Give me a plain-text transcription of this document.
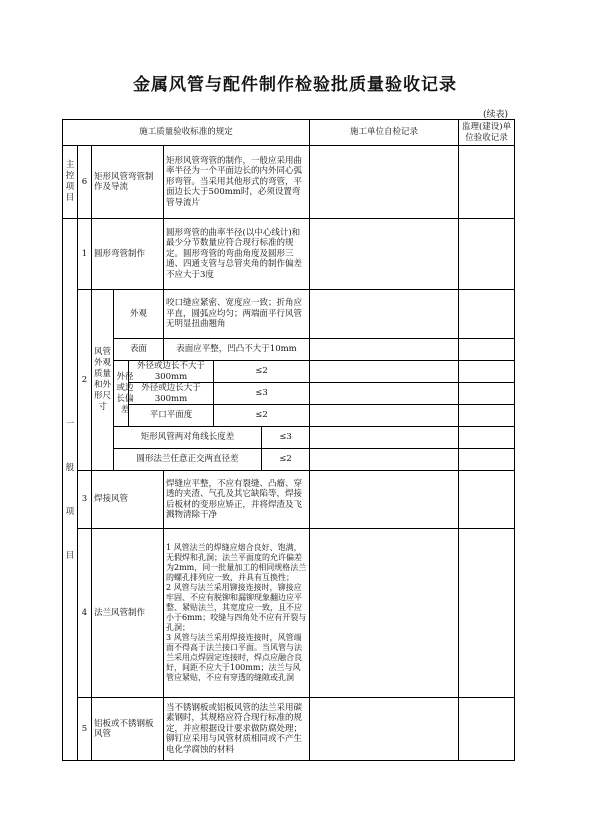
金属风管与配件制作检验批质量验收记录
(续表)
施工质量验收标准的规定								施工单位自检记录	监理(建设)单位验收记录
主控项目	6	矩形风管弯管制作及导流			矩形风管弯管的制作，一般应采用曲率半径为一个平面边长的内外同心弧形弯管。当采用其他形式的弯管，平面边长大于500mm时，必须设置弯管导流片				
一般项目	1	圆形弯管制作			圆形弯管的曲率半径(以中心线计)和最少分节数量应符合现行标准的规定。圆形弯管的弯曲角度及圆形三通、四通支管与总管夹角的制作偏差不应大于3度				
	2	风管外观质量和外形尺寸	外观		咬口缝应紧密、宽度应一致；折角应平直，圆弧应均匀；两端面平行风管无明显扭曲翘角				
			表面		表面应平整，凹凸不大于10mm			

			外径或边长偏差	外径或边长不大于300mm		≤2		

				外径或边长大于300mm		≤3		

				平口平面度		≤2		

			矩形风管两对角线长度差				≤3	

			圆形法兰任意正交两直径差				≤2	

	3	焊接风管			焊缝应平整，不应有裂缝、凸瘤、穿透的夹渣、气孔及其它缺陷等，焊接后板材的变形应矫正，并将焊渣及飞溅物清除干净				
	4	法兰风管制作			1 风管法兰的焊缝应熔合良好、饱满，无假焊和孔洞；法兰平面度的允许偏差为2mm，同一批量加工的相同规格法兰的螺孔排列应一致，并具有互换性；
2 风管与法兰采用铆接连接时，铆接应牢固、不应有脱铆和漏铆现象翻边应平整、紧贴法兰，其宽度应一致，且不应小于6mm；咬缝与四角处不应有开裂与孔洞；
3 风管与法兰采用焊接连接时，风管端面不得高于法兰接口平面。当风管与法兰采用点焊固定连接时，焊点应融合良好，间距不应大于100mm；法兰与风管应紧贴，不应有穿透的缝隙或孔洞				
	5	铝板或不锈钢板风管			当不锈钢板或铝板风管的法兰采用碳素钢时，其规格应符合现行标准的规定，并应根据设计要求做防腐处理；铆钉应采用与风管材质相同或不产生电化学腐蚀的材料				
